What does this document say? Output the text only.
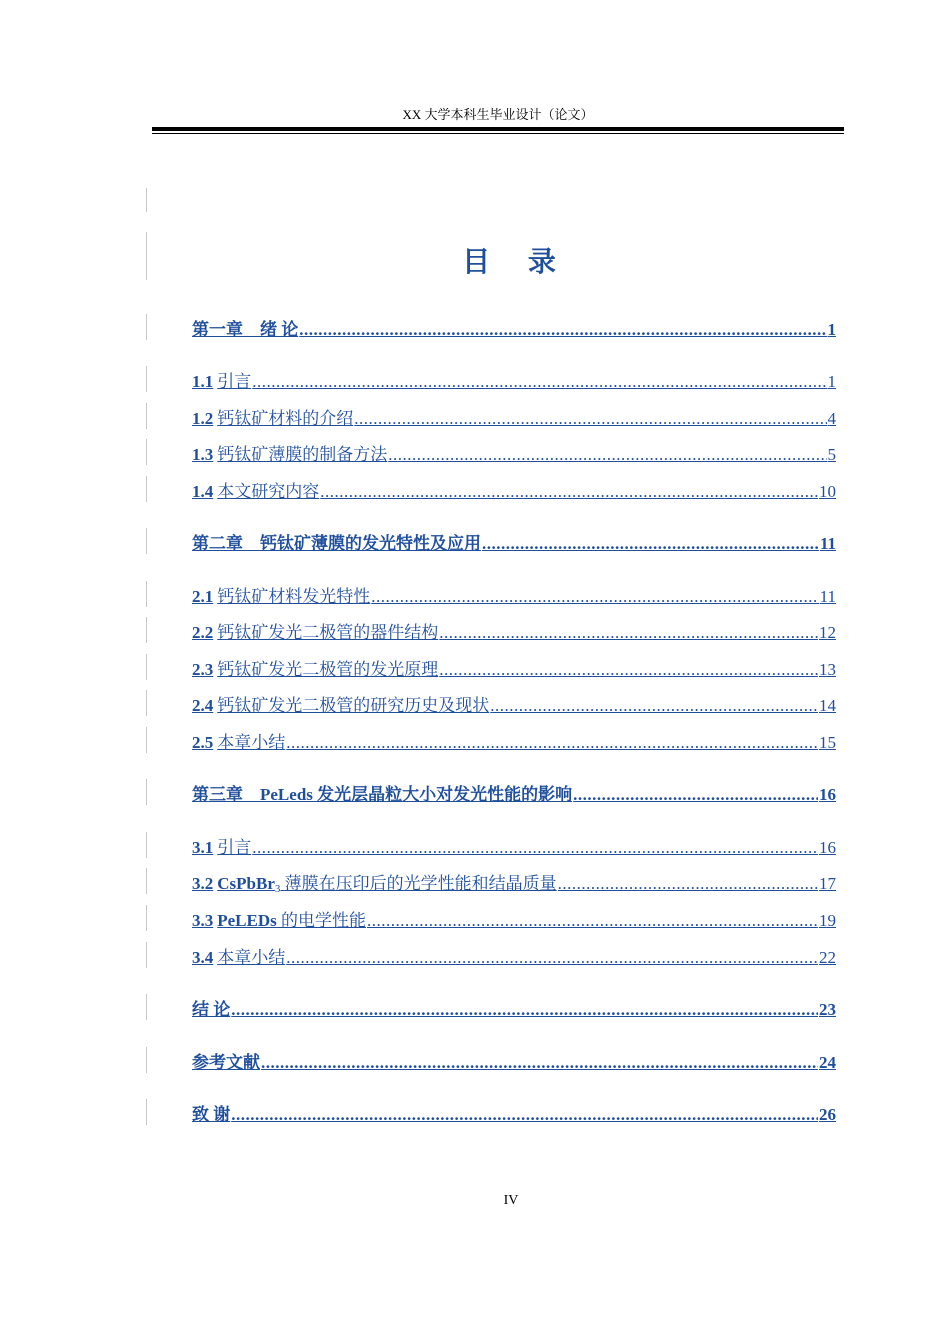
XX 大学本科生毕业设计（论文）
目 录
第一章　绪 论 .....	1
1.1 引言 .....	1
1.2 钙钛矿材料的介绍 .....	4
1.3 钙钛矿薄膜的制备方法 .....	5
1.4 本文研究内容 .....	10
第二章　钙钛矿薄膜的发光特性及应用 .....	11
2.1 钙钛矿材料发光特性 .....	11
2.2 钙钛矿发光二极管的器件结构 .....	12
2.3 钙钛矿发光二极管的发光原理 .....	13
2.4 钙钛矿发光二极管的研究历史及现状 .....	14
2.5 本章小结 .....	15
第三章　PeLeds 发光层晶粒大小对发光性能的影响 .....	16
3.1 引言 .....	16
3.2 CsPbBr$_3$ 薄膜在压印后的光学性能和结晶质量 .....	17
3.3 PeLEDs 的电学性能 .....	19
3.4 本章小结 .....	22
结 论 .....	23
参考文献 .....	24
致 谢 .....	26
IV
